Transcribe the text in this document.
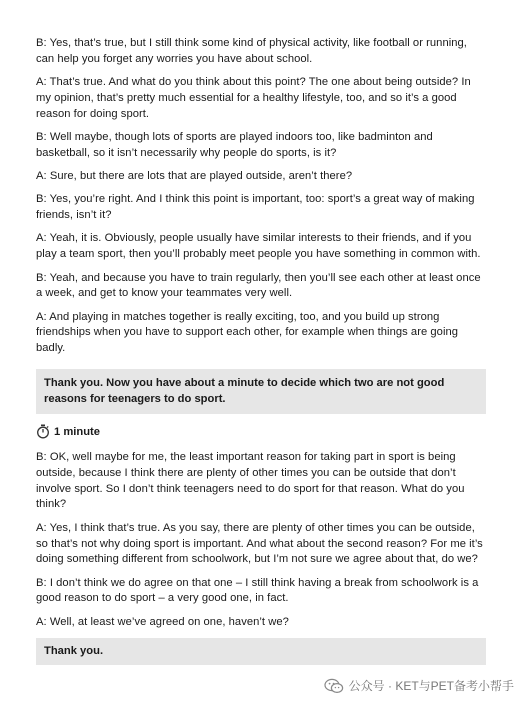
B: Yes, that’s true, but I still think some kind of physical activity, like football or running, can help you forget any worries you have about school.

A: That’s true. And what do you think about this point? The one about being outside? In my opinion, that’s pretty much essential for a healthy lifestyle, too, and so it’s a good reason for doing sport.

B: Well maybe, though lots of sports are played indoors too, like badminton and basketball, so it isn’t necessarily why people do sports, is it?

A: Sure, but there are lots that are played outside, aren’t there?

B: Yes, you’re right. And I think this point is important, too: sport’s a great way of making friends, isn’t it?

A: Yeah, it is. Obviously, people usually have similar interests to their friends, and if you play a team sport, then you’ll probably meet people you have something in common with.

B: Yeah, and because you have to train regularly, then you’ll see each other at least once a week, and get to know your teammates very well.

A: And playing in matches together is really exciting, too, and you build up strong friendships when you have to support each other, for example when things are going badly.

Thank you. Now you have about a minute to decide which two are not good reasons for teenagers to do sport.
1 minute

B: OK, well maybe for me, the least important reason for taking part in sport is being outside, because I think there are plenty of other times you can be outside that don’t involve sport. So I don’t think teenagers need to do sport for that reason. What do you think?

A: Yes, I think that’s true. As you say, there are plenty of other times you can be outside, so that’s not why doing sport is important. And what about the second reason? For me it’s doing something different from schoolwork, but I’m not sure we agree about that, do we?

B: I don’t think we do agree on that one – I still think having a break from schoolwork is a good reason to do sport – a very good one, in fact.

A: Well, at least we’ve agreed on one, haven’t we?

Thank you.
公众号 · KET与PET备考小帮手
